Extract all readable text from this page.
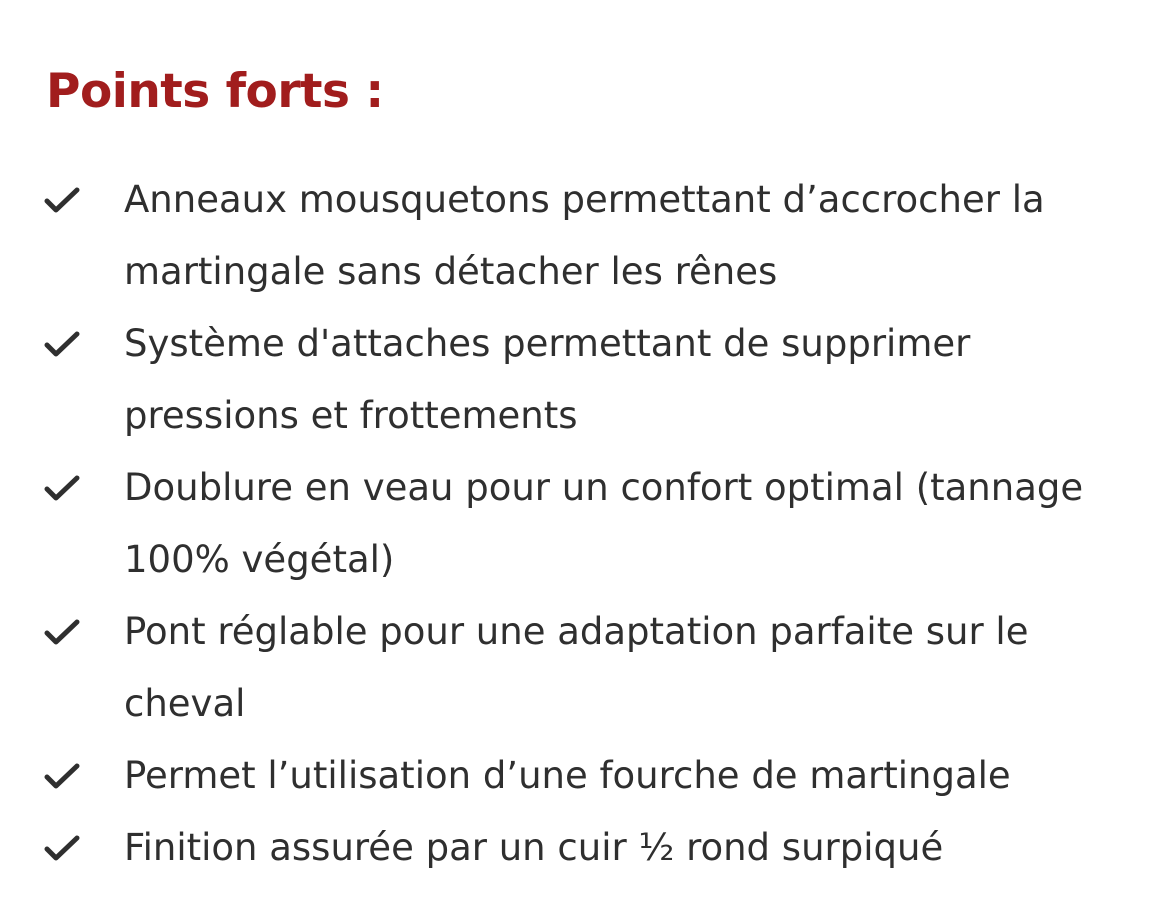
Points forts :
Anneaux mousquetons permettant d’accrocher la martingale sans détacher les rênes
Système d'attaches permettant de supprimer pressions et frottements
Doublure en veau pour un confort optimal (tannage 100% végétal)
Pont réglable pour une adaptation parfaite sur le cheval
Permet l’utilisation d’une fourche de martingale
Finition assurée par un cuir ½ rond surpiqué
